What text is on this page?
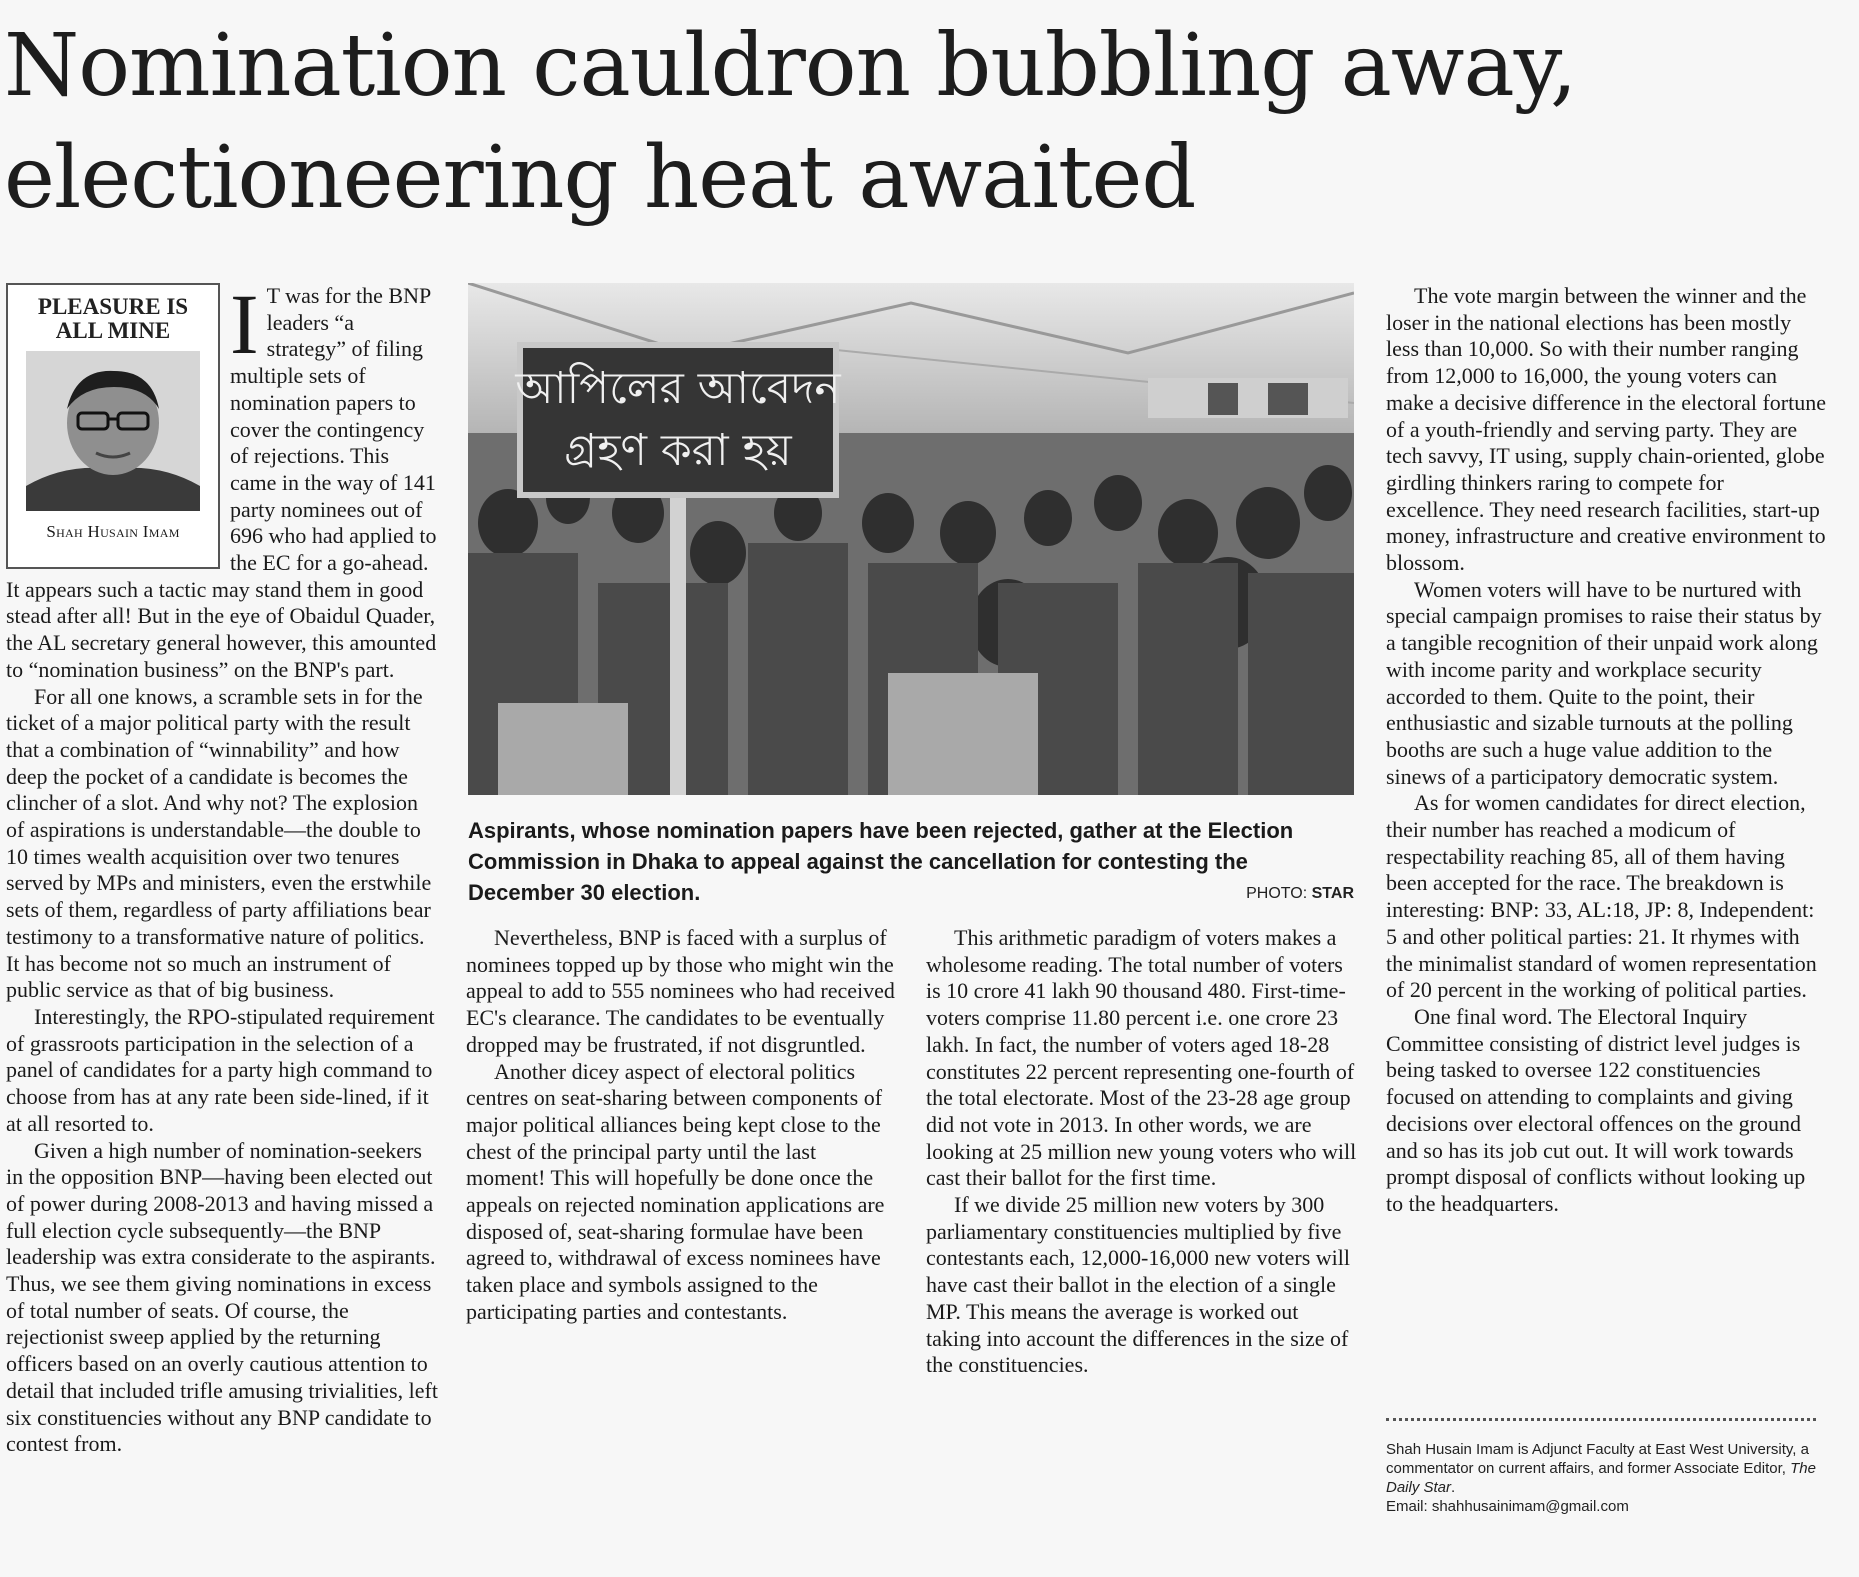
Nomination cauldron bubbling away,
electioneering heat awaited
PLEASURE IS
ALL MINE
Shah Husain Imam
I T was for the BNP leaders “a strategy” of filing multiple sets of nomination papers to cover the contingency of rejections. This came in the way of 141 party nominees out of 696 who had applied to the EC for a go-ahead. It appears such a tactic may stand them in good stead after all! But in the eye of Obaidul Quader, the AL secretary general however, this amounted to “nomination business” on the BNP's part.

For all one knows, a scramble sets in for the ticket of a major political party with the result that a combination of “winnability” and how deep the pocket of a candidate is becomes the clincher of a slot. And why not? The explosion of aspirations is understandable—the double to 10 times wealth acquisition over two tenures served by MPs and ministers, even the erstwhile sets of them, regardless of party affiliations bear testimony to a transformative nature of politics. It has become not so much an instrument of public service as that of big business.

Interestingly, the RPO-stipulated requirement of grassroots participation in the selection of a panel of candidates for a party high command to choose from has at any rate been side-lined, if it at all resorted to.

Given a high number of nomination-seekers in the opposition BNP—having been elected out of power during 2008-2013 and having missed a full election cycle subsequently—the BNP leadership was extra considerate to the aspirants. Thus, we see them giving nominations in excess of total number of seats. Of course, the rejectionist sweep applied by the returning officers based on an overly cautious attention to detail that included trifle amusing trivialities, left six constituencies without any BNP candidate to contest from.

আপিলের আবেদন
গ্রহণ করা হয়
Aspirants, whose nomination papers have been rejected, gather at the Election Commission in Dhaka to appeal against the cancellation for contesting the December 30 election.	PHOTO: STAR

Nevertheless, BNP is faced with a surplus of nominees topped up by those who might win the appeal to add to 555 nominees who had received EC's clearance. The candidates to be eventually dropped may be frustrated, if not disgruntled.

Another dicey aspect of electoral politics centres on seat-sharing between components of major political alliances being kept close to the chest of the principal party until the last moment! This will hopefully be done once the appeals on rejected nomination applications are disposed of, seat-sharing formulae have been agreed to, withdrawal of excess nominees have taken place and symbols assigned to the participating parties and contestants.

This arithmetic paradigm of voters makes a wholesome reading. The total number of voters is 10 crore 41 lakh 90 thousand 480. First-time-voters comprise 11.80 percent i.e. one crore 23 lakh. In fact, the number of voters aged 18-28 constitutes 22 percent representing one-fourth of the total electorate. Most of the 23-28 age group did not vote in 2013. In other words, we are looking at 25 million new young voters who will cast their ballot for the first time.

If we divide 25 million new voters by 300 parliamentary constituencies multiplied by five contestants each, 12,000-16,000 new voters will have cast their ballot in the election of a single MP. This means the average is worked out taking into account the differences in the size of the constituencies.

The vote margin between the winner and the loser in the national elections has been mostly less than 10,000. So with their number ranging from 12,000 to 16,000, the young voters can make a decisive difference in the electoral fortune of a youth-friendly and serving party. They are tech savvy, IT using, supply chain-oriented, globe girdling thinkers raring to compete for excellence. They need research facilities, start-up money, infrastructure and creative environment to blossom.

Women voters will have to be nurtured with special campaign promises to raise their status by a tangible recognition of their unpaid work along with income parity and workplace security accorded to them. Quite to the point, their enthusiastic and sizable turnouts at the polling booths are such a huge value addition to the sinews of a participatory democratic system.

As for women candidates for direct election, their number has reached a modicum of respectability reaching 85, all of them having been accepted for the race. The breakdown is interesting: BNP: 33, AL:18, JP: 8, Independent: 5 and other political parties: 21. It rhymes with the minimalist standard of women representation of 20 percent in the working of political parties.

One final word. The Electoral Inquiry Committee consisting of district level judges is being tasked to oversee 122 constituencies focused on attending to complaints and giving decisions over electoral offences on the ground and so has its job cut out. It will work towards prompt disposal of conflicts without looking up to the headquarters.

Shah Husain Imam is Adjunct Faculty at East West University, a commentator on current affairs, and former Associate Editor, The Daily Star.
Email: shahhusainimam@gmail.com
